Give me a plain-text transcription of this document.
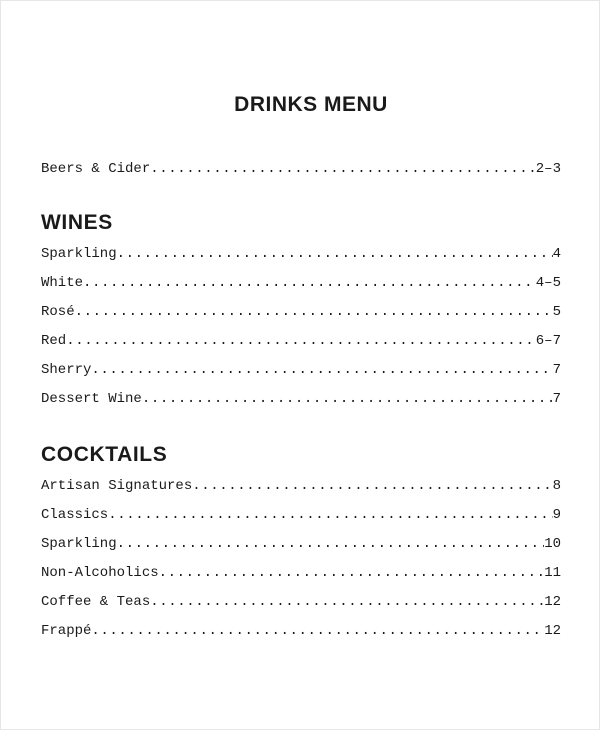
DRINKS MENU
Beers & Cider .....	2–3
WINES
Sparkling .....	4
White .....	4–5
Rosé .....	5
Red .....	6–7
Sherry .....	7
Dessert Wine .....	7
COCKTAILS
Artisan Signatures .....	8
Classics .....	9
Sparkling .....	10
Non-Alcoholics .....	11
Coffee & Teas .....	12
Frappé .....	12
